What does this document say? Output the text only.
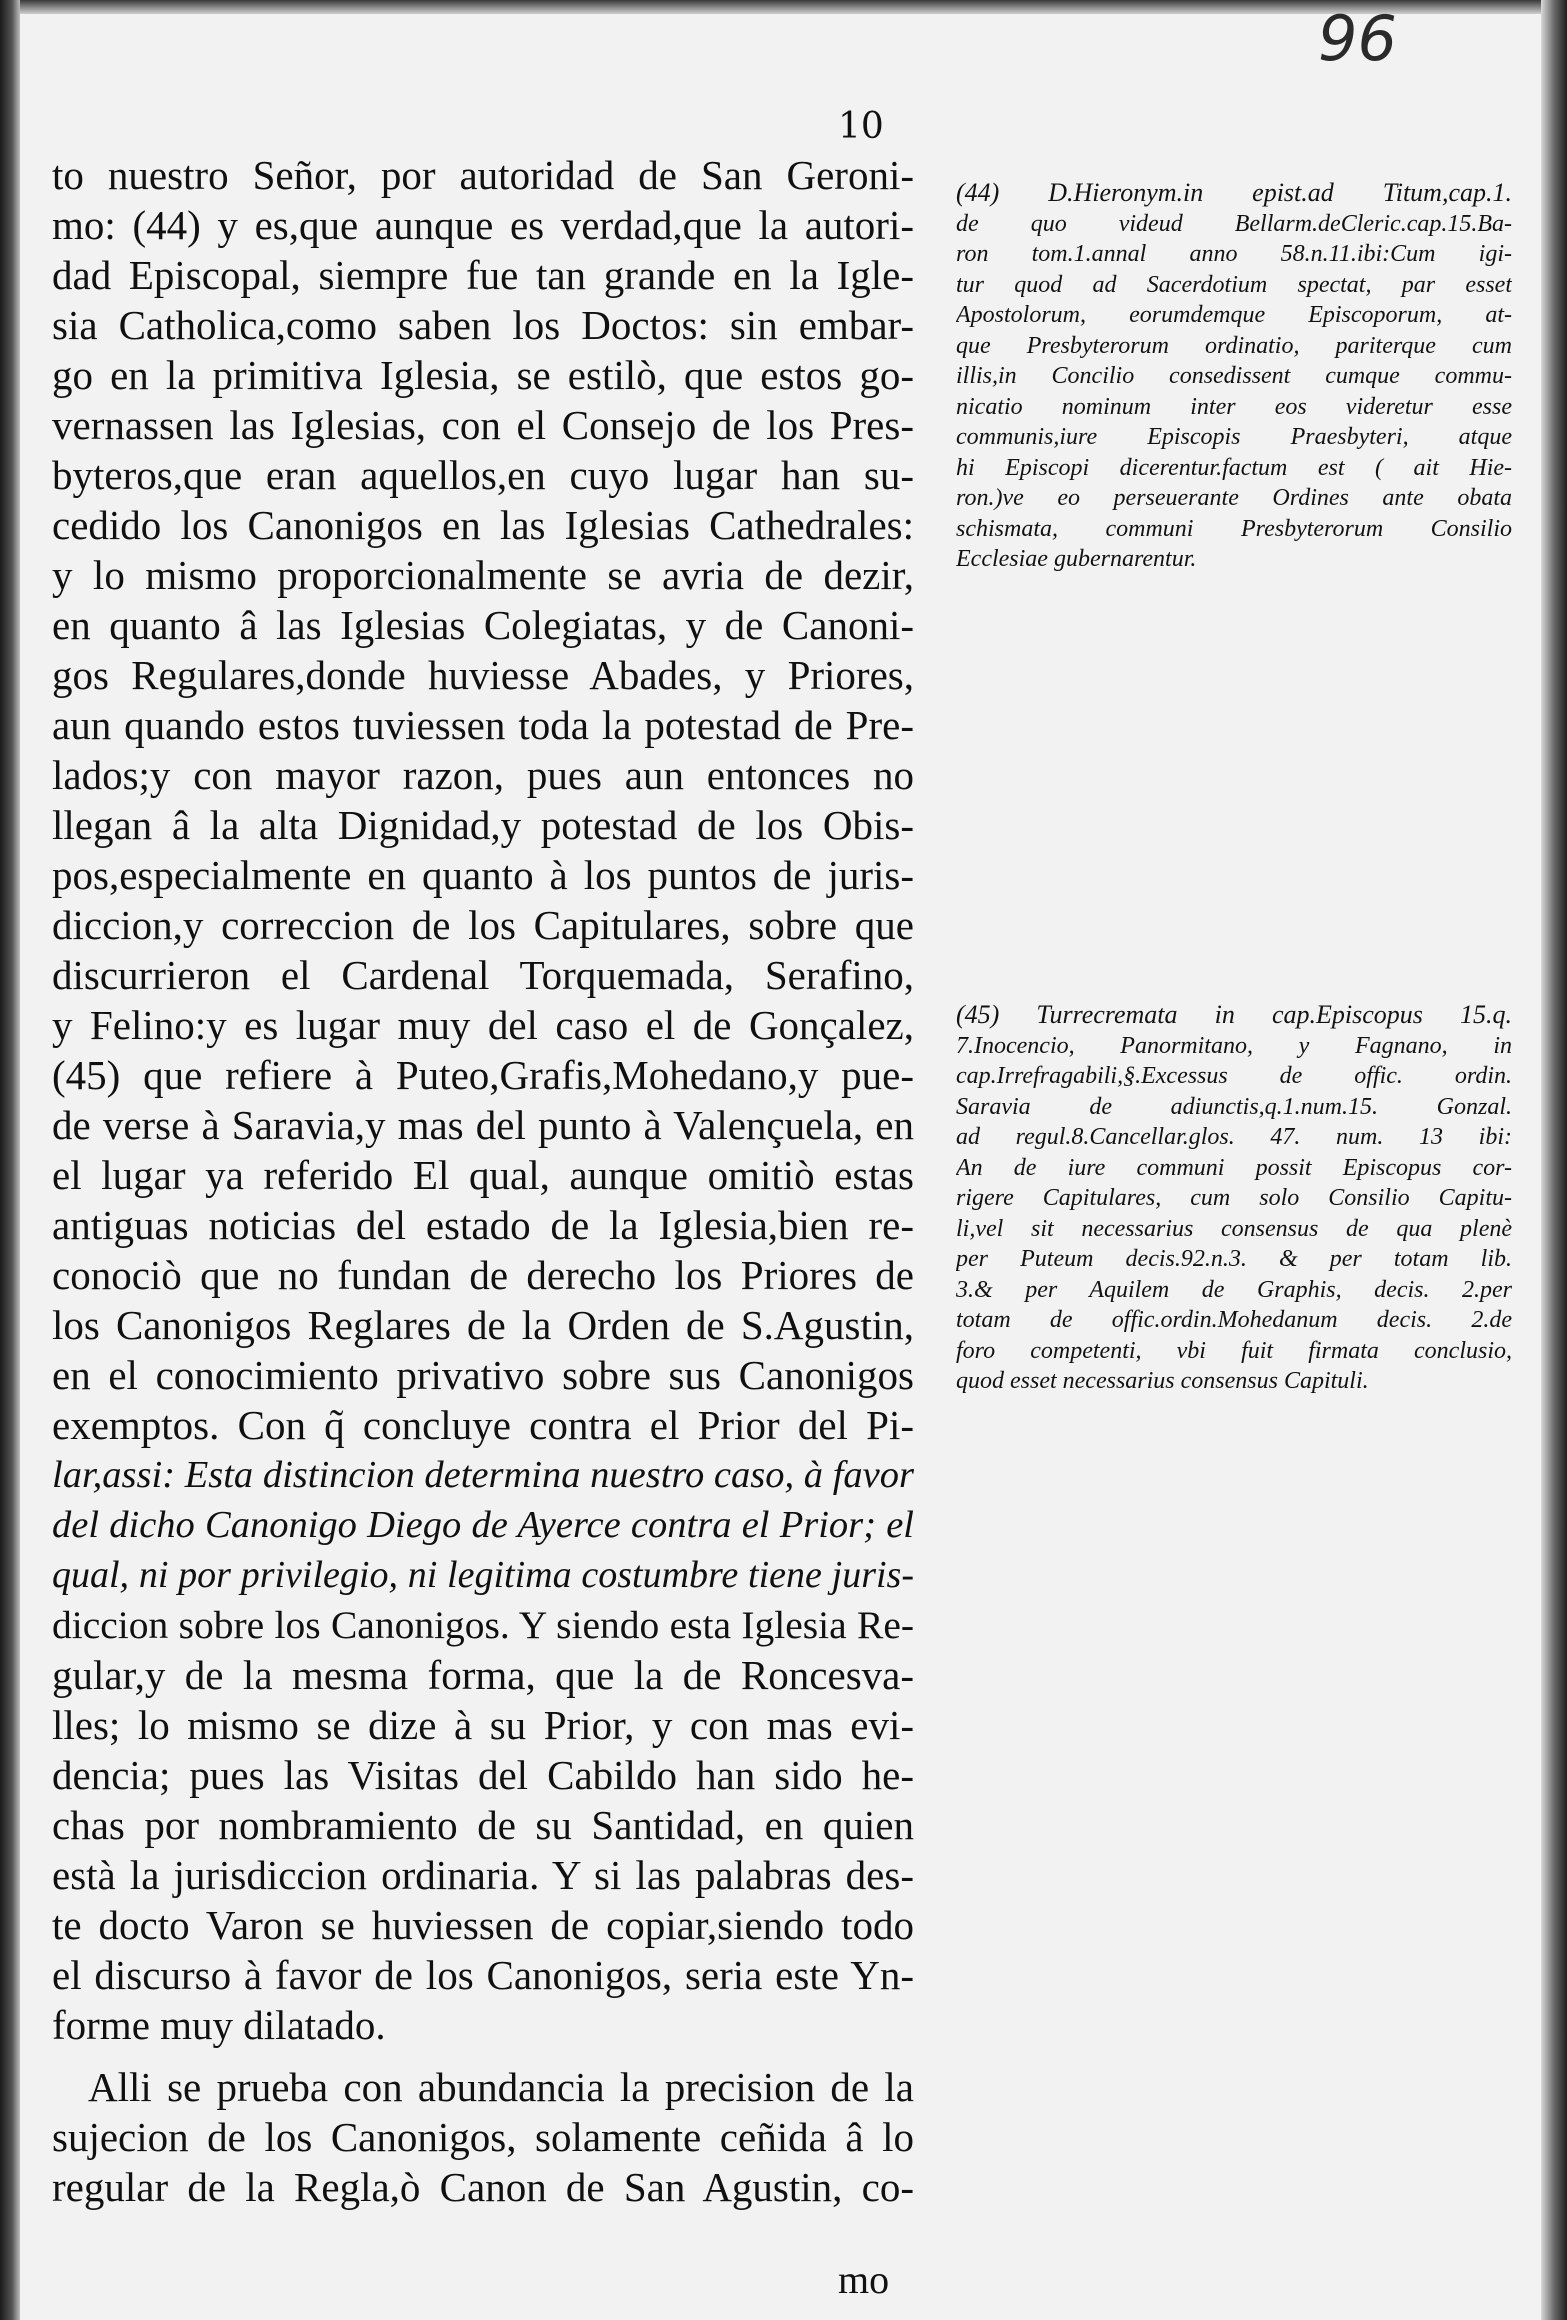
96
10
to nuestro Señor, por autoridad de San Geroni-
mo: (44) y es,que aunque es verdad,que la autori-
dad Episcopal, siempre fue tan grande en la Igle-
sia Catholica,como saben los Doctos: sin embar-
go en la primitiva Iglesia, se estilò, que estos go-
vernassen las Iglesias, con el Consejo de los Pres-
byteros,que eran aquellos,en cuyo lugar han su-
cedido los Canonigos en las Iglesias Cathedrales:
y lo mismo proporcionalmente se avria de dezir,
en quanto â las Iglesias Colegiatas, y de Canoni-
gos Regulares,donde huviesse Abades, y Priores,
aun quando estos tuviessen toda la potestad de Pre-
lados;y con mayor razon, pues aun entonces no
llegan â la alta Dignidad,y potestad de los Obis-
pos,especialmente en quanto à los puntos de juris-
diccion,y correccion de los Capitulares, sobre que
discurrieron el Cardenal Torquemada, Serafino,
y Felino:y es lugar muy del caso el de Gonçalez,
(45) que refiere à Puteo,Grafis,Mohedano,y pue-
de verse à Saravia,y mas del punto à Valençuela, en
el lugar ya referido El qual, aunque omitiò estas
antiguas noticias del estado de la Iglesia,bien re-
conociò que no fundan de derecho los Priores de
los Canonigos Reglares de la Orden de S.Agustin,
en el conocimiento privativo sobre sus Canonigos
exemptos. Con q̃ concluye contra el Prior del Pi-
lar,assi: Esta distincion determina nuestro caso, à favor
del dicho Canonigo Diego de Ayerce contra el Prior; el
qual, ni por privilegio, ni legitima costumbre tiene juris-
diccion sobre los Canonigos. Y siendo esta Iglesia Re-
gular,y de la mesma forma, que la de Roncesva-
lles; lo mismo se dize à su Prior, y con mas evi-
dencia; pues las Visitas del Cabildo han sido he-
chas por nombramiento de su Santidad, en quien
està la jurisdiccion ordinaria. Y si las palabras des-
te docto Varon se huviessen de copiar,siendo todo
el discurso à favor de los Canonigos, seria este Yn-
forme muy dilatado.
Alli se prueba con abundancia la precision de la
sujecion de los Canonigos, solamente ceñida â lo
regular de la Regla,ò Canon de San Agustin, co-
mo
(44) D.Hieronym.in epist.ad Titum,cap.1.
de quo videud Bellarm.deCleric.cap.15.Ba-
ron tom.1.annal anno 58.n.11.ibi:Cum igi-
tur quod ad Sacerdotium spectat, par esset
Apostolorum, eorumdemque Episcoporum, at-
que Presbyterorum ordinatio, pariterque cum
illis,in Concilio consedissent cumque commu-
nicatio nominum inter eos videretur esse
communis,iure Episcopis Praesbyteri, atque
hi Episcopi dicerentur.factum est ( ait Hie-
ron.)ve eo perseuerante Ordines ante obata
schismata, communi Presbyterorum Consilio
Ecclesiae gubernarentur.
(45) Turrecremata in cap.Episcopus 15.q.
7.Inocencio, Panormitano, y Fagnano, in
cap.Irrefragabili,§.Excessus de offic. ordin.
Saravia de adiunctis,q.1.num.15. Gonzal.
ad regul.8.Cancellar.glos. 47. num. 13 ibi:
An de iure communi possit Episcopus cor-
rigere Capitulares, cum solo Consilio Capitu-
li,vel sit necessarius consensus de qua plenè
per Puteum decis.92.n.3. & per totam lib.
3.& per Aquilem de Graphis, decis. 2.per
totam de offic.ordin.Mohedanum decis. 2.de
foro competenti, vbi fuit firmata conclusio,
quod esset necessarius consensus Capituli.
